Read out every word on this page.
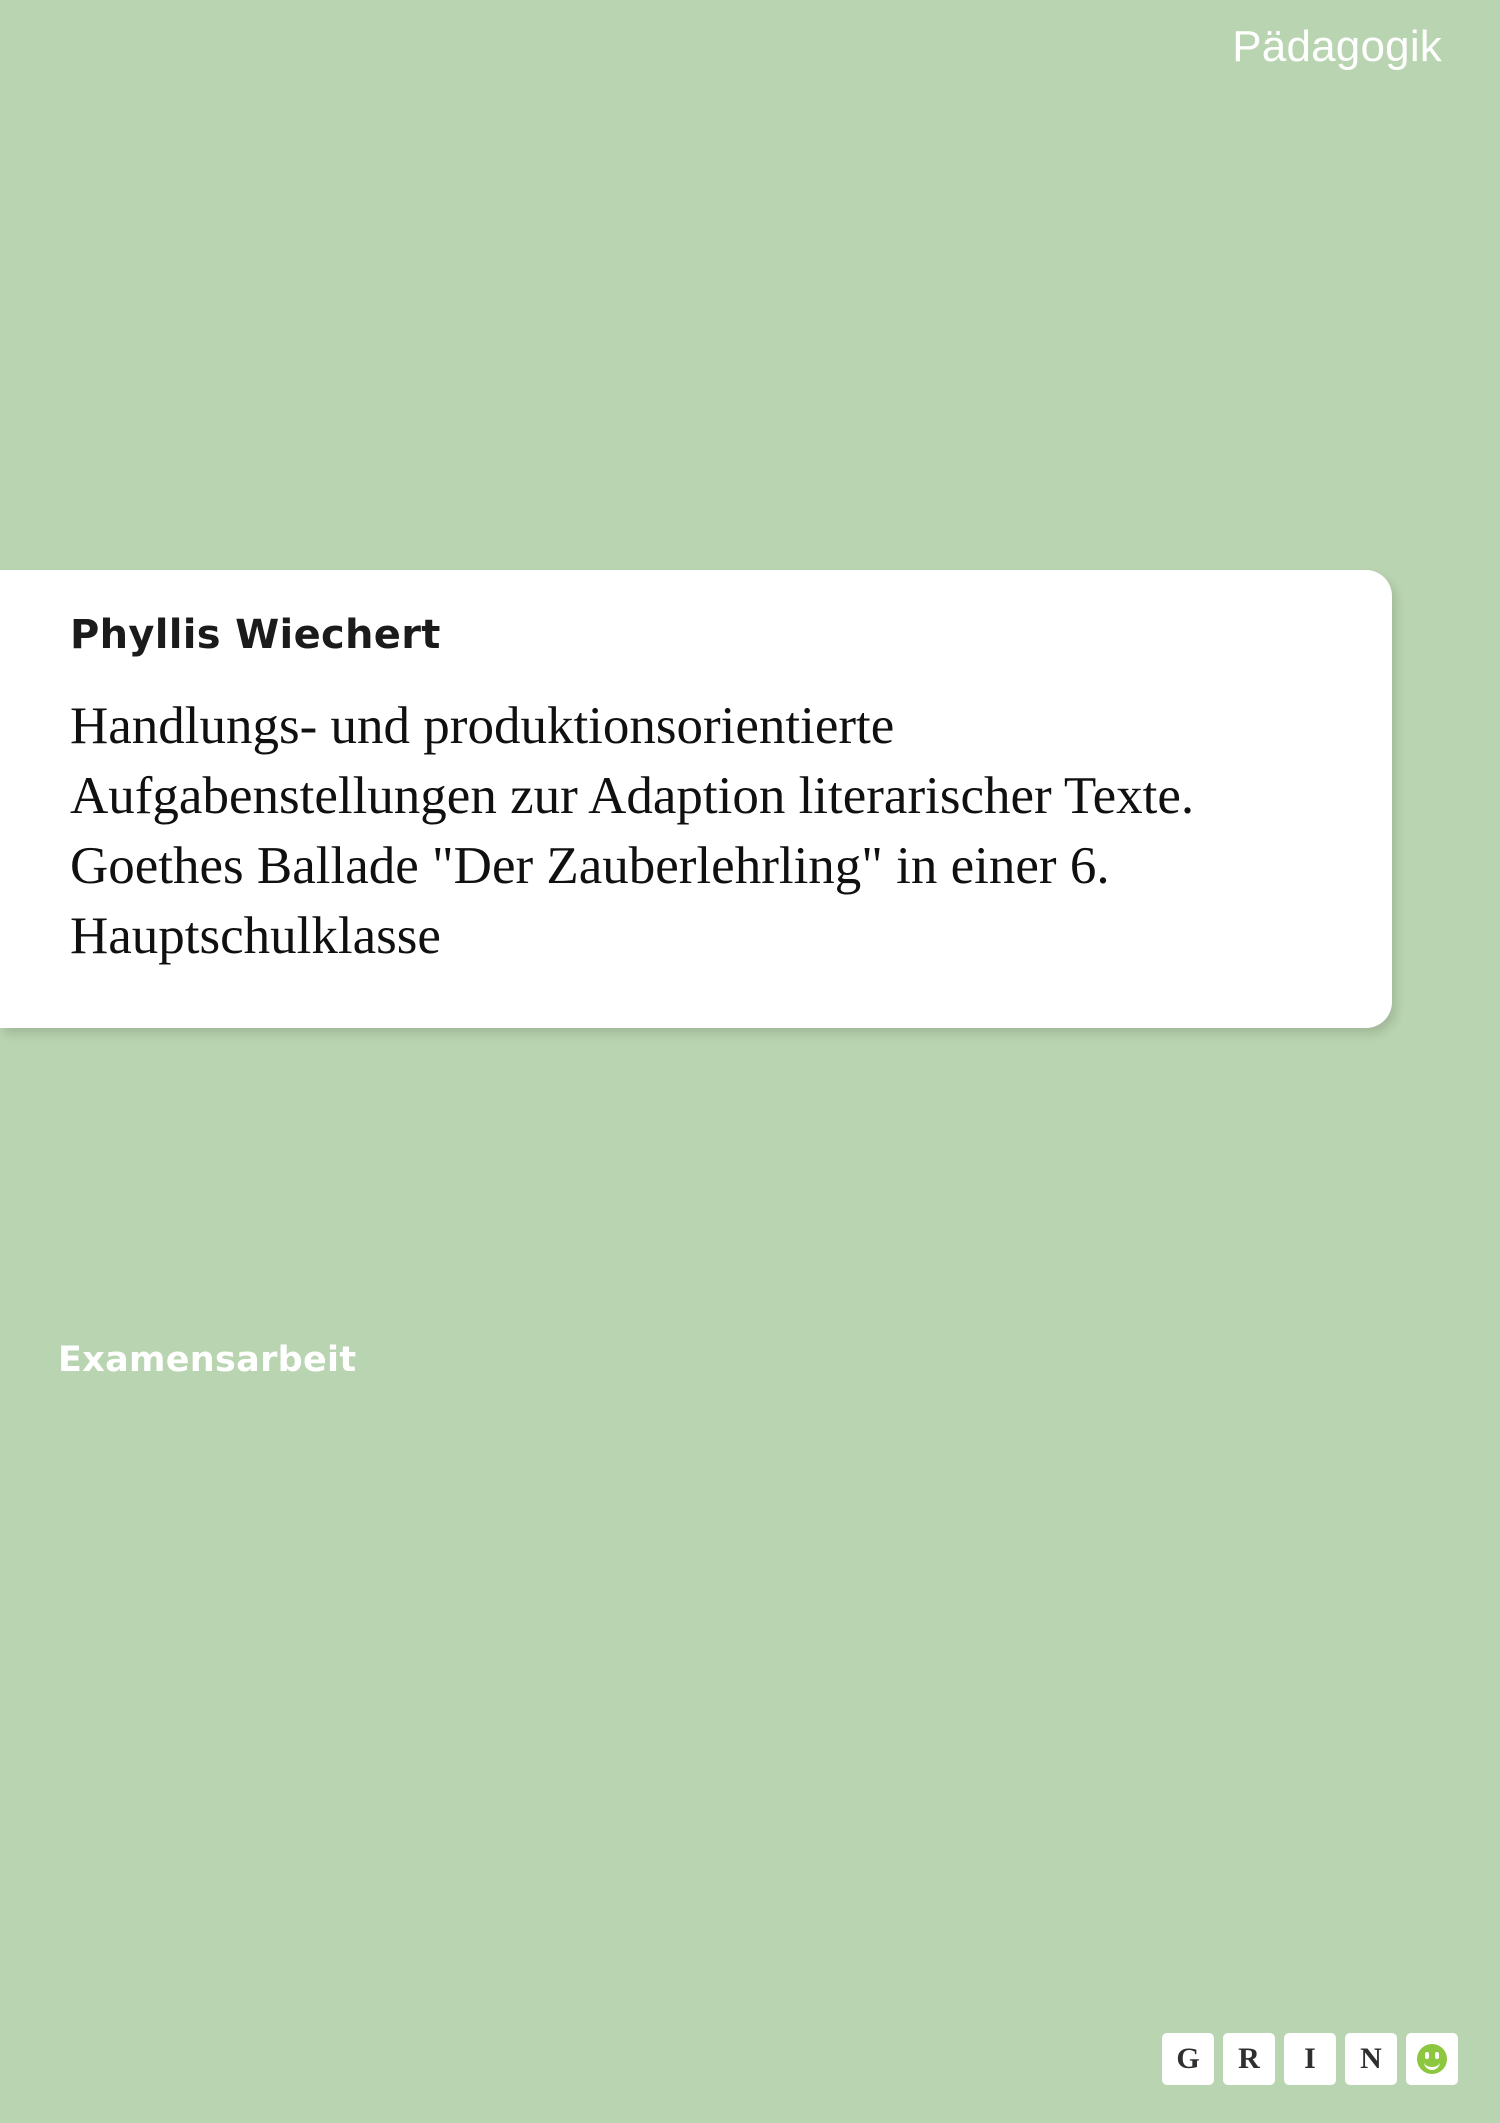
Pädagogik
Phyllis Wiechert
Handlungs- und produktionsorientierte Aufgabenstellungen zur Adaption literarischer Texte. Goethes Ballade "Der Zauberlehrling" in einer 6. Hauptschulklasse
Examensarbeit
G	R	I	N
